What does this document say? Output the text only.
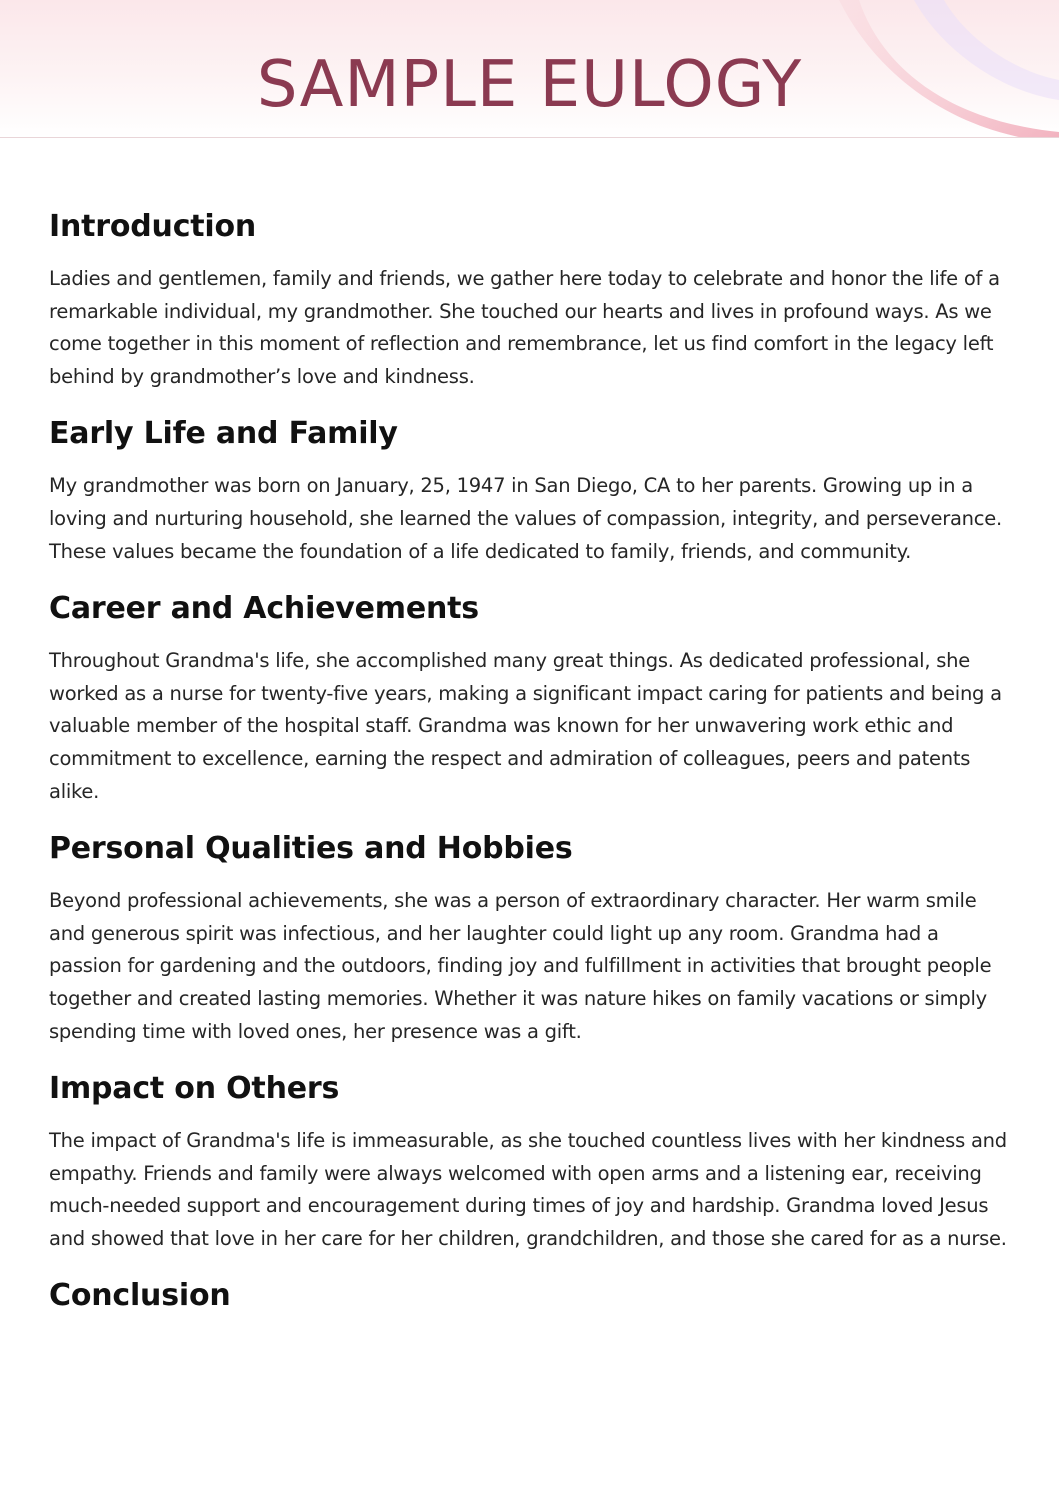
SAMPLE EULOGY
Introduction

Ladies and gentlemen, family and friends, we gather here today to celebrate and honor the life of a remarkable individual, my grandmother. She touched our hearts and lives in profound ways. As we come together in this moment of reflection and remembrance, let us find comfort in the legacy left behind by grandmother’s love and kindness.

Early Life and Family

My grandmother was born on January, 25, 1947 in San Diego, CA to her parents. Growing up in a loving and nurturing household, she learned the values of compassion, integrity, and perseverance. These values became the foundation of a life dedicated to family, friends, and community.

Career and Achievements

Throughout Grandma's life, she accomplished many great things. As dedicated professional, she worked as a nurse for twenty-five years, making a significant impact caring for patients and being a valuable member of the hospital staff. Grandma was known for her unwavering work ethic and commitment to excellence, earning the respect and admiration of colleagues, peers and patents alike.

Personal Qualities and Hobbies

Beyond professional achievements, she was a person of extraordinary character. Her warm smile and generous spirit was infectious, and her laughter could light up any room. Grandma had a passion for gardening and the outdoors, finding joy and fulfillment in activities that brought people together and created lasting memories. Whether it was nature hikes on family vacations or simply spending time with loved ones, her presence was a gift.

Impact on Others

The impact of Grandma's life is immeasurable, as she touched countless lives with her kindness and empathy. Friends and family were always welcomed with open arms and a listening ear, receiving much-needed support and encouragement during times of joy and hardship. Grandma loved Jesus and showed that love in her care for her children, grandchildren, and those she cared for as a nurse.

Conclusion
